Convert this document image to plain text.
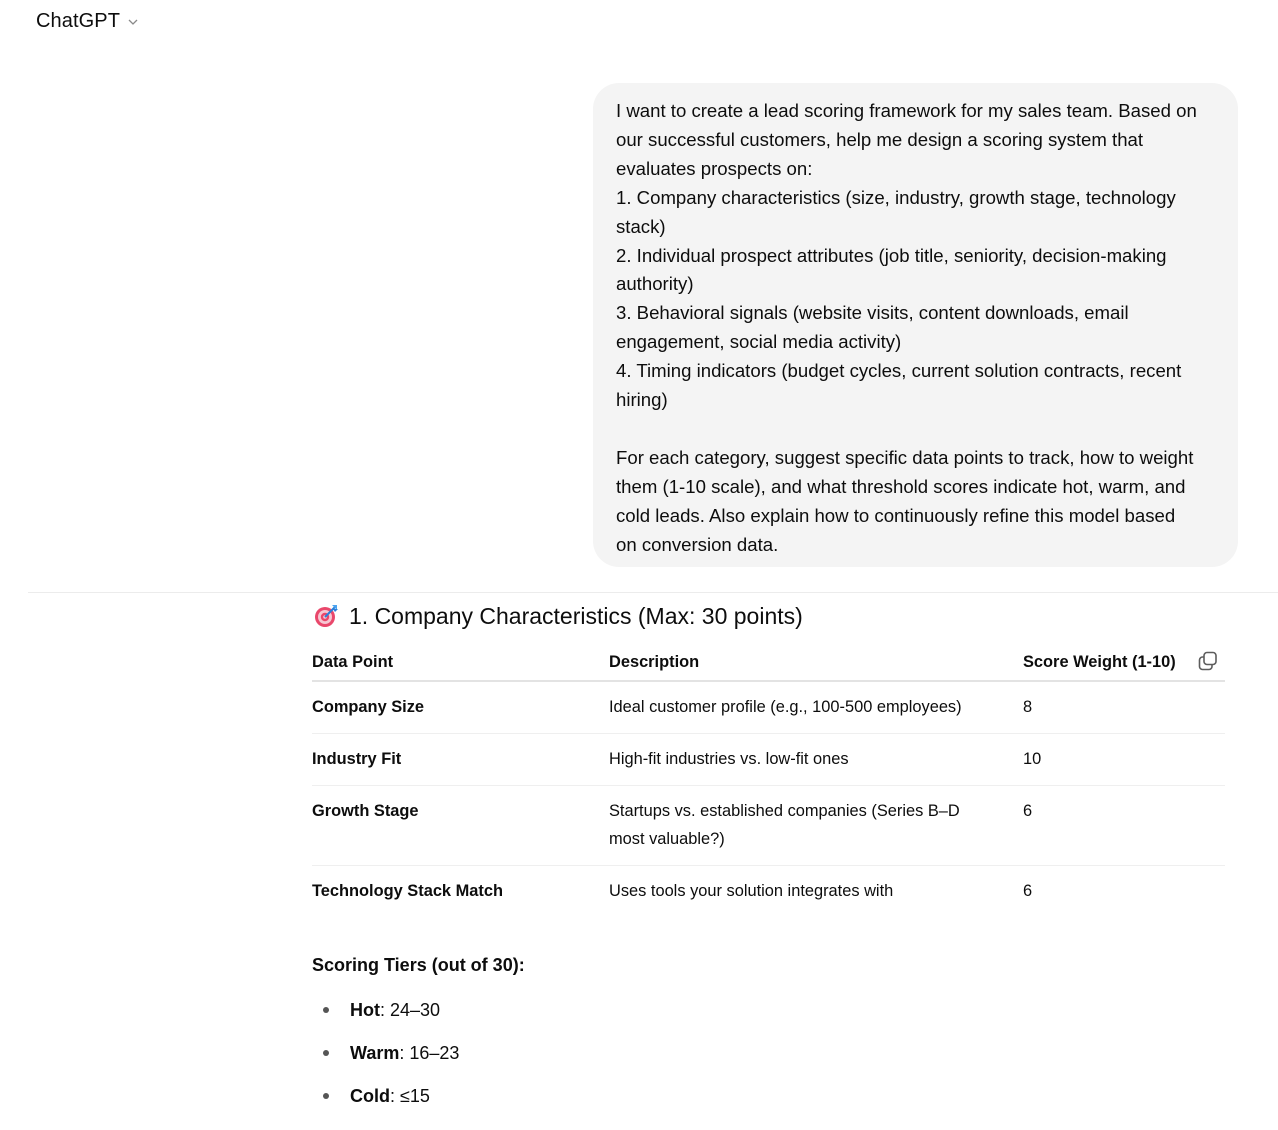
ChatGPT

I want to create a lead scoring framework for my sales team. Based on

our successful customers, help me design a scoring system that

evaluates prospects on:

1. Company characteristics (size, industry, growth stage, technology

stack)

2. Individual prospect attributes (job title, seniority, decision-making

authority)

3. Behavioral signals (website visits, content downloads, email

engagement, social media activity)

4. Timing indicators (budget cycles, current solution contracts, recent

hiring)

For each category, suggest specific data points to track, how to weight

them (1-10 scale), and what threshold scores indicate hot, warm, and

cold leads. Also explain how to continuously refine this model based

on conversion data.

1. Company Characteristics (Max: 30 points)
Data Point	Description	Score Weight (1-10)
Company Size	Ideal customer profile (e.g., 100-500 employees)	8
Industry Fit	High-fit industries vs. low-fit ones	10
Growth Stage	Startups vs. established companies (Series B–D most valuable?)	6
Technology Stack Match	Uses tools your solution integrates with	6
Scoring Tiers (out of 30):
Hot: 24–30
Warm: 16–23
Cold: ≤15
